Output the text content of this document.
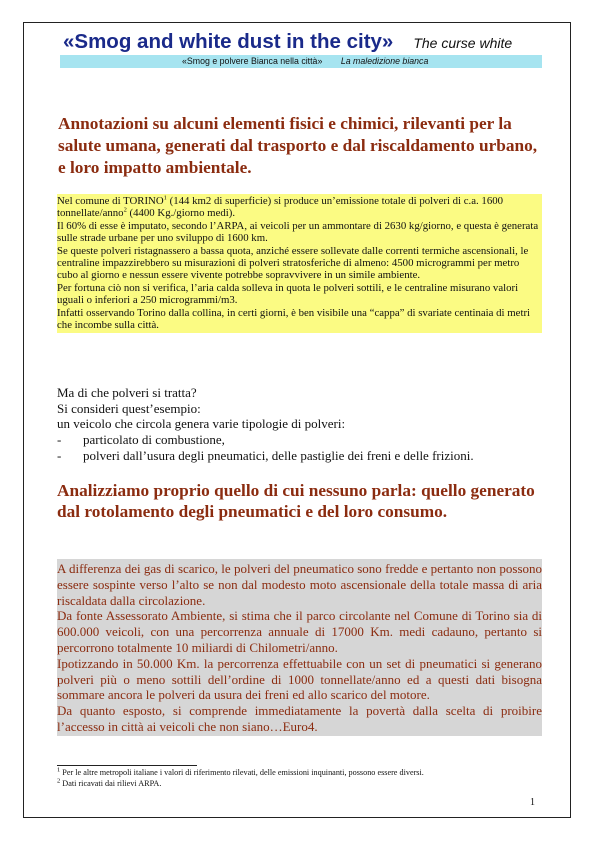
«Smog and white dust in the city» The curse white
«Smog e polvere Bianca nella città» La maledizione bianca
Annotazioni su alcuni elementi fisici e chimici, rilevanti per la salute umana, generati dal trasporto e dal riscaldamento urbano, e loro impatto ambientale.

Nel comune di TORINO$^1$ (144 km2 di superficie) si produce un’emissione totale di polveri di c.a. 1600 tonnellate/anno$^2$ (4400 Kg./giorno medi).

Il 60% di esse è imputato, secondo l’ARPA, ai veicoli per un ammontare di 2630 kg/giorno, e questa è generata sulle strade urbane per uno sviluppo di 1600 km.

Se queste polveri ristagnassero a bassa quota, anziché essere sollevate dalle correnti termiche ascensionali, le centraline impazzirebbero su misurazioni di polveri stratosferiche di almeno: 4500 microgrammi per metro cubo al giorno e nessun essere vivente potrebbe sopravvivere in un simile ambiente.

Per fortuna ciò non si verifica, l’aria calda solleva in quota le polveri sottili, e le centraline misurano valori uguali o inferiori a 250 microgrammi/m3.

Infatti osservando Torino dalla collina, in certi giorni, è ben visibile una “cappa” di svariate centinaia di metri che incombe sulla città.

Ma di che polveri si tratta?

Si consideri quest’esempio:

un veicolo che circola genera varie tipologie di polveri:

- particolato di combustione,
- polveri dall’usura degli pneumatici, delle pastiglie dei freni e delle frizioni.
Analizziamo proprio quello di cui nessuno parla: quello generato dal rotolamento degli pneumatici e del loro consumo.

A differenza dei gas di scarico, le polveri del pneumatico sono fredde e pertanto non possono essere sospinte verso l’alto se non dal modesto moto ascensionale della totale massa di aria riscaldata dalla circolazione.

Da fonte Assessorato Ambiente, si stima che il parco circolante nel Comune di Torino sia di 600.000 veicoli, con una percorrenza annuale di 17000 Km. medi cadauno, pertanto si percorrono totalmente 10 miliardi di Chilometri/anno.

Ipotizzando in 50.000 Km. la percorrenza effettuabile con un set di pneumatici si generano polveri più o meno sottili dell’ordine di 1000 tonnellate/anno ed a questi dati bisogna sommare ancora le polveri da usura dei freni ed allo scarico del motore.

Da quanto esposto, si comprende immediatamente la povertà dalla scelta di proibire l’accesso in città ai veicoli che non siano…Euro4.

$^1$ Per le altre metropoli italiane i valori di riferimento rilevati, delle emissioni inquinanti, possono essere diversi.

$^2$ Dati ricavati dai rilievi ARPA.

1
